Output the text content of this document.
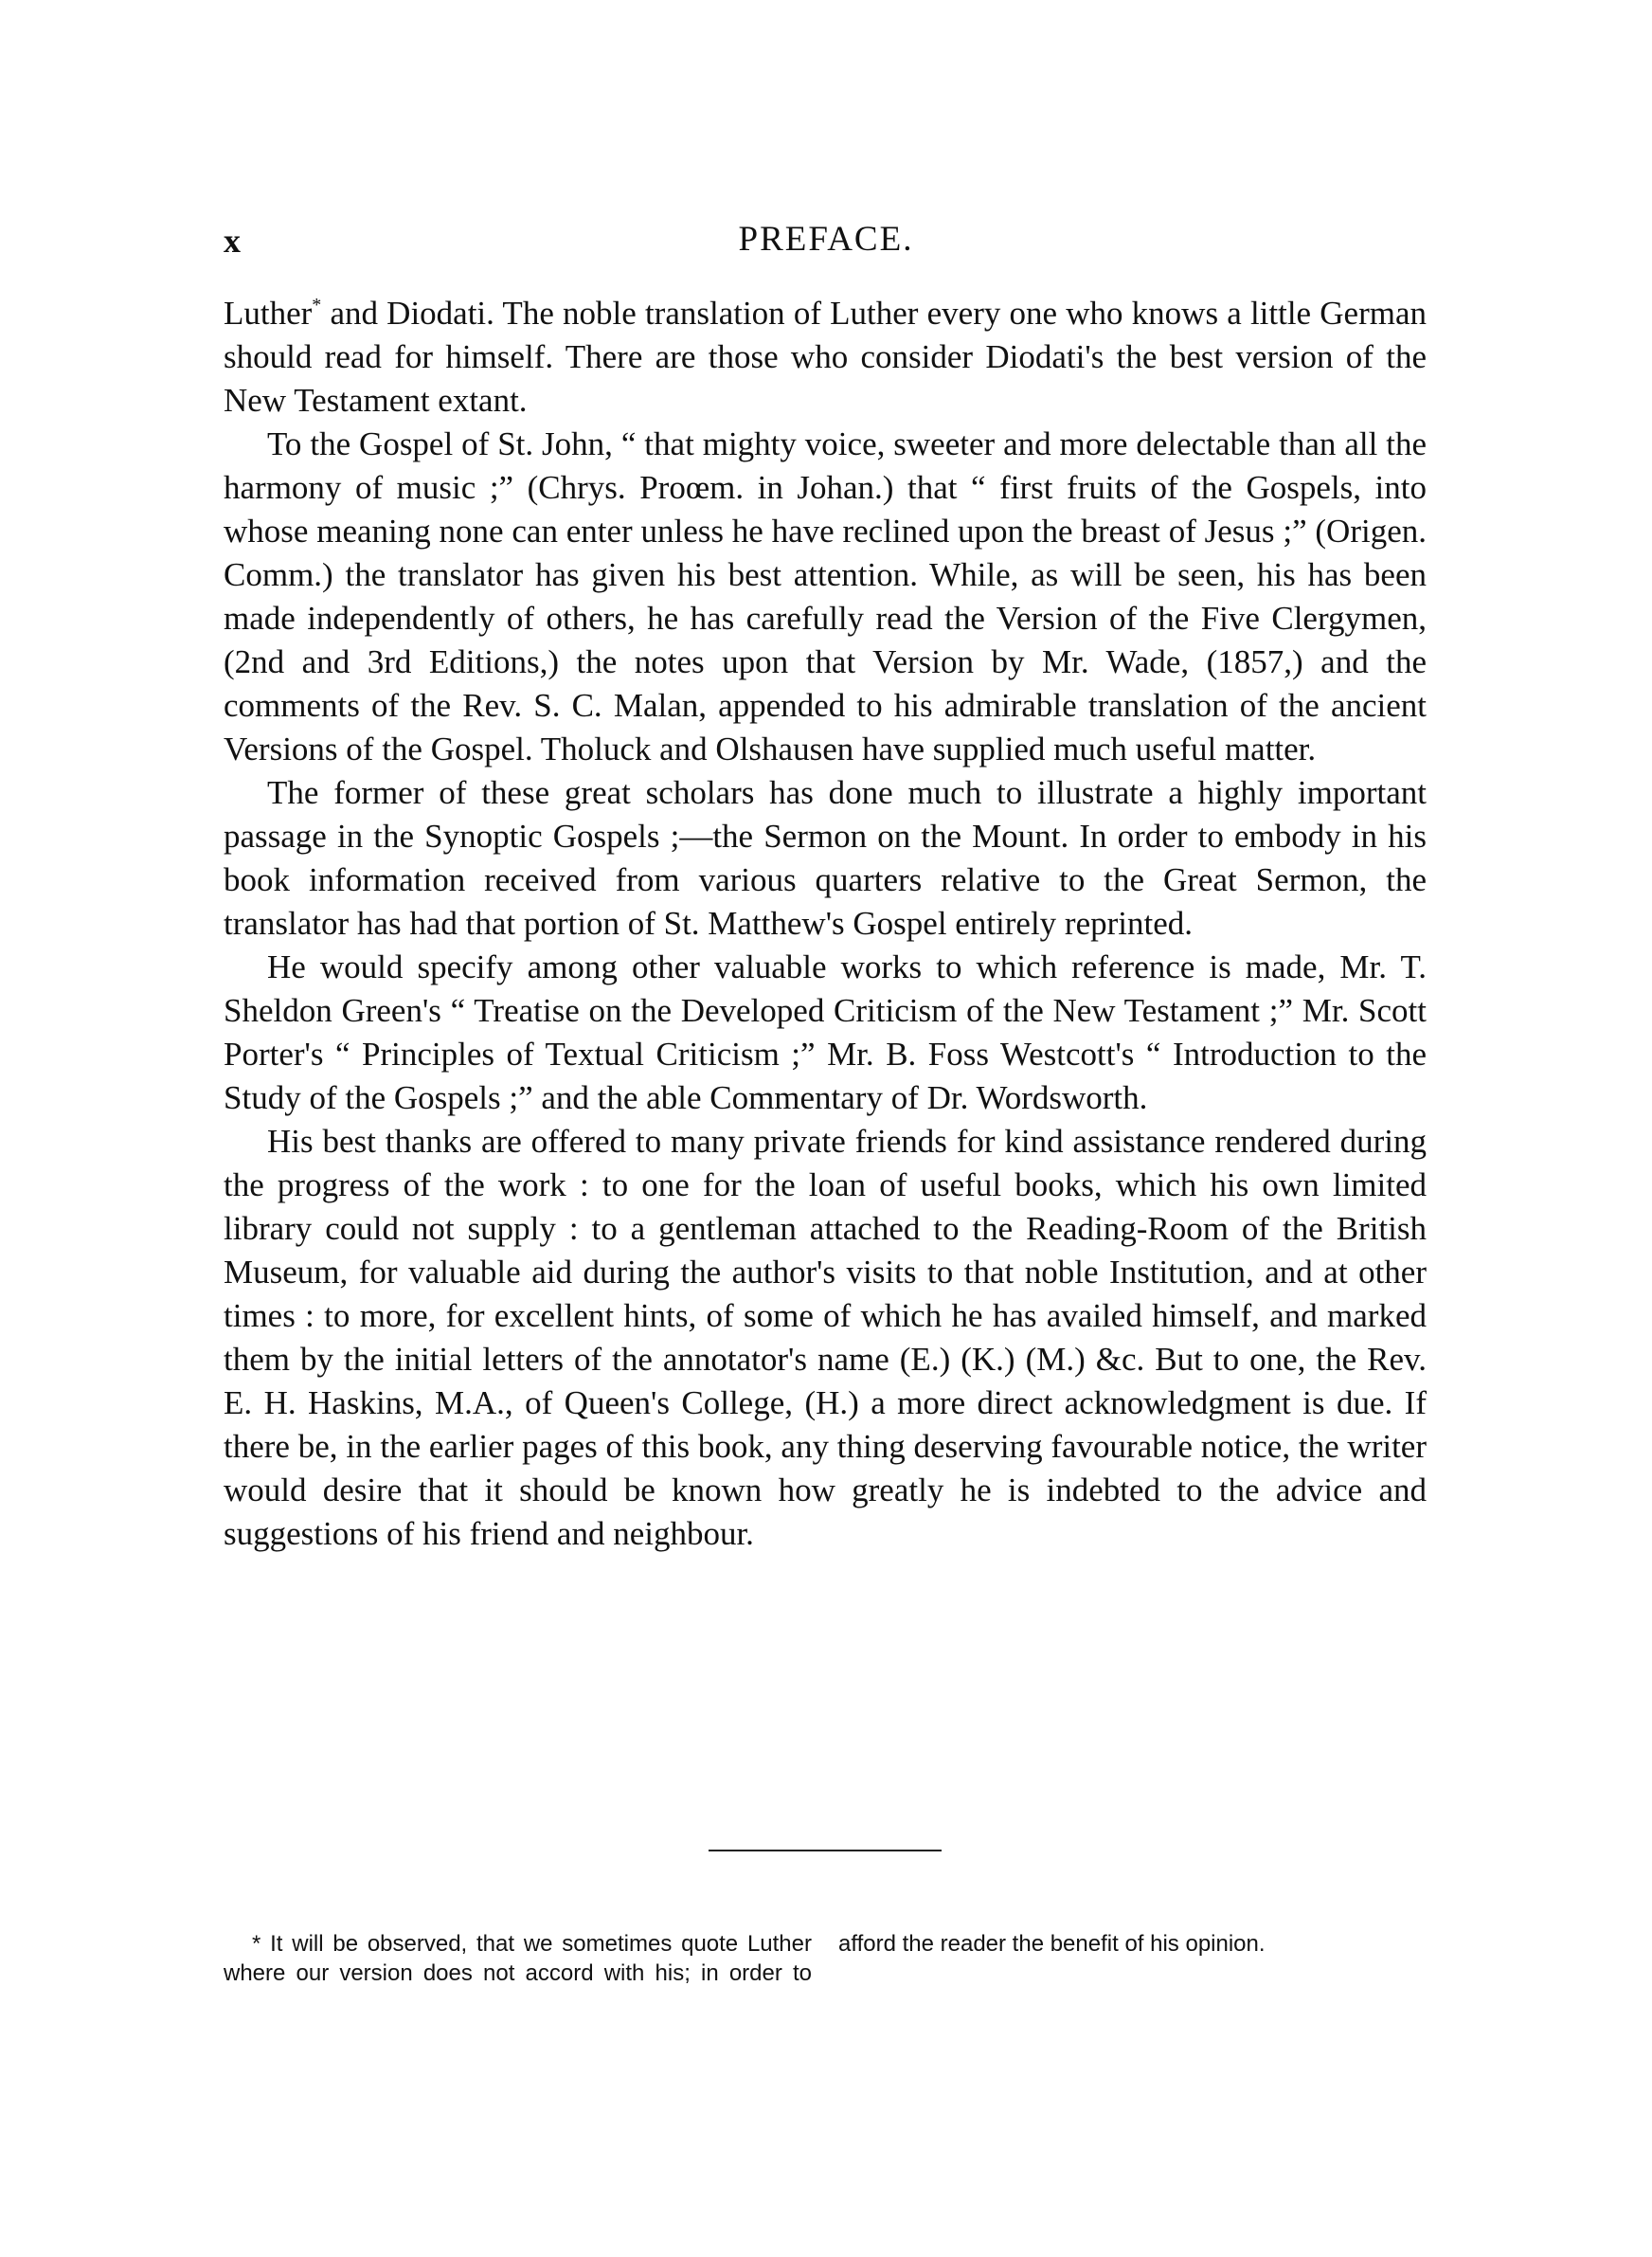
x	PREFACE.

Luther* and Diodati. The noble translation of Luther every one who knows a little German should read for himself. There are those who consider Diodati's the best version of the New Testament extant.

To the Gospel of St. John, “ that mighty voice, sweeter and more delectable than all the harmony of music ;” (Chrys. Proœm. in Johan.) that “ first fruits of the Gospels, into whose meaning none can enter unless he have reclined upon the breast of Jesus ;” (Origen. Comm.) the translator has given his best attention. While, as will be seen, his has been made independently of others, he has carefully read the Version of the Five Clergymen, (2nd and 3rd Editions,) the notes upon that Version by Mr. Wade, (1857,) and the comments of the Rev. S. C. Malan, appended to his admirable translation of the ancient Versions of the Gospel. Tholuck and Olshausen have supplied much useful matter.

The former of these great scholars has done much to illustrate a highly important passage in the Synoptic Gospels ;—the Sermon on the Mount. In order to embody in his book information received from various quarters relative to the Great Sermon, the translator has had that portion of St. Matthew's Gospel entirely reprinted.

He would specify among other valuable works to which reference is made, Mr. T. Sheldon Green's “ Treatise on the Developed Criticism of the New Testament ;” Mr. Scott Porter's “ Principles of Textual Criticism ;” Mr. B. Foss Westcott's “ Introduction to the Study of the Gospels ;” and the able Commentary of Dr. Wordsworth.

His best thanks are offered to many private friends for kind assistance rendered during the progress of the work : to one for the loan of useful books, which his own limited library could not supply : to a gentleman attached to the Reading-Room of the British Museum, for valuable aid during the author's visits to that noble Institution, and at other times : to more, for excellent hints, of some of which he has availed himself, and marked them by the initial letters of the annotator's name (E.) (K.) (M.) &c. But to one, the Rev. E. H. Haskins, M.A., of Queen's College, (H.) a more direct acknowledgment is due. If there be, in the earlier pages of this book, any thing deserving favourable notice, the writer would desire that it should be known how greatly he is indebted to the advice and suggestions of his friend and neighbour.

* It will be observed, that we sometimes quote Luther where our version does not accord with his; in order to afford the reader the benefit of his opinion.
